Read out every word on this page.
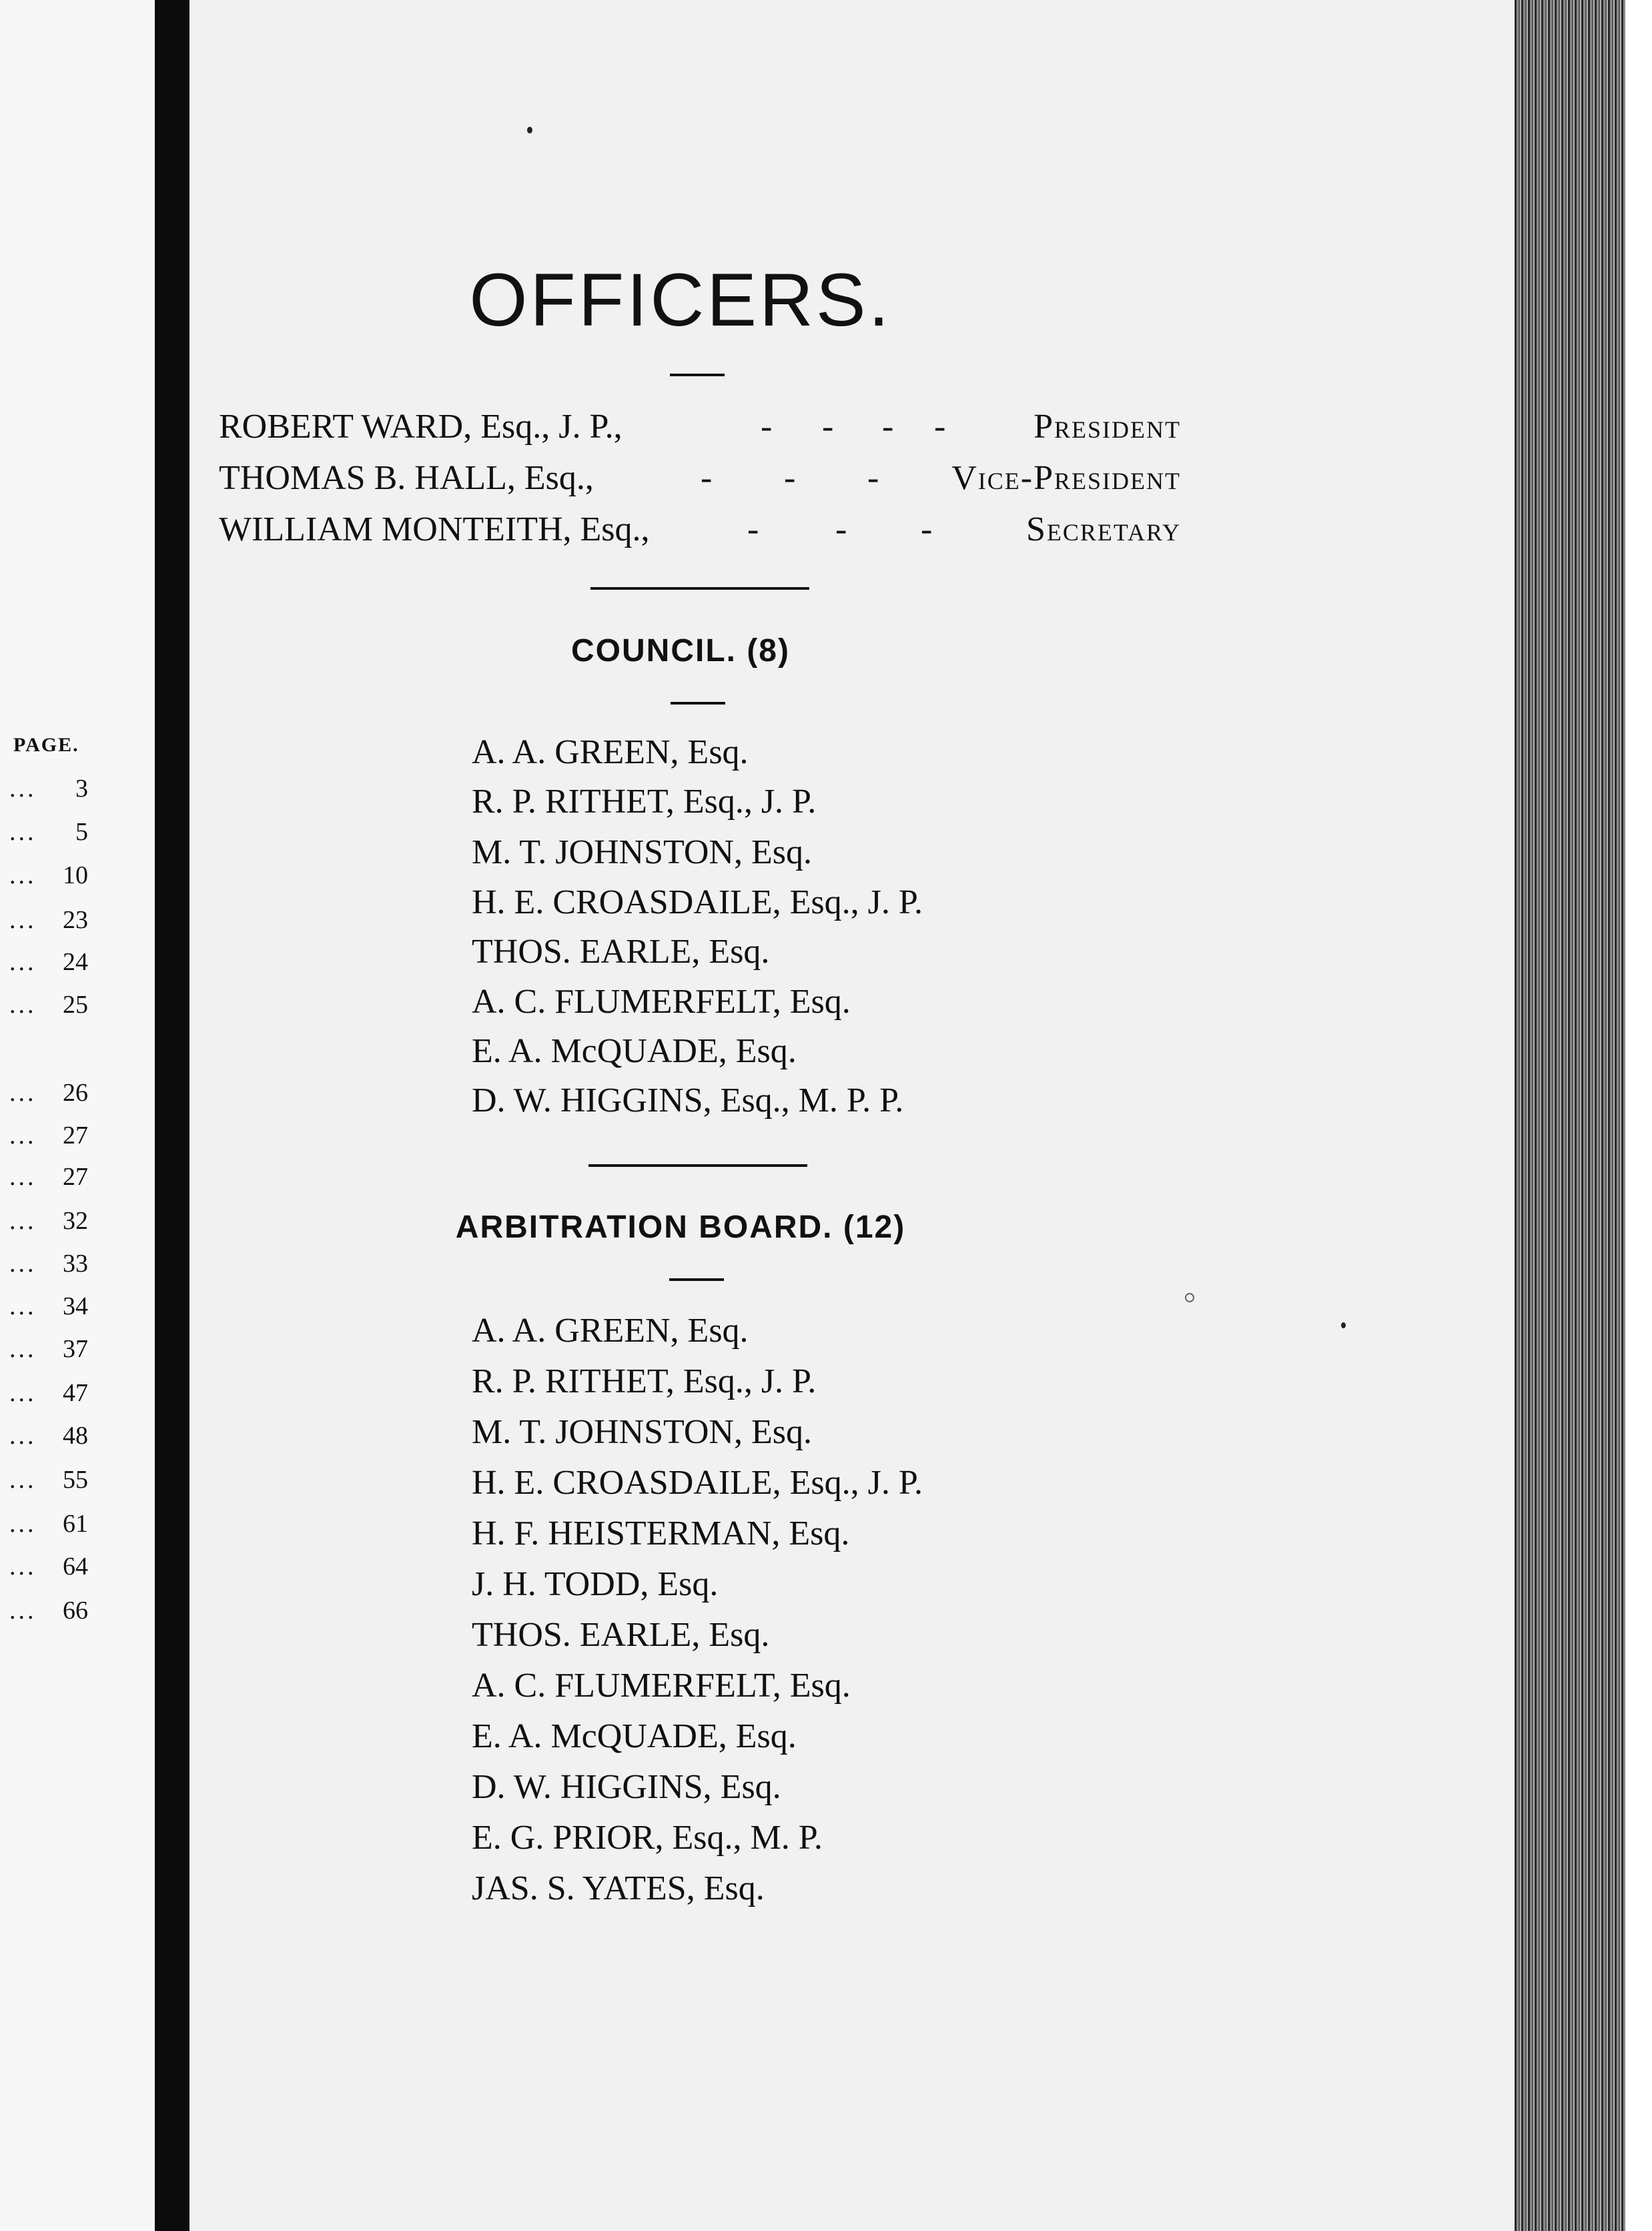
PAGE.
... 3
... 5
... 10
... 23
... 24
... 25
... 26
... 27
... 27
... 32
... 33
... 34
... 37
... 47
... 48
... 55
... 61
... 64
... 66
OFFICERS.
ROBERT WARD, Esq., J. P.,	- - - -	President
THOMAS B. HALL, Esq.,	- - - Vice-President
WILLIAM MONTEITH, Esq.,	- - -	Secretary
COUNCIL. (8)
A. A. GREEN, Esq.
R. P. RITHET, Esq., J. P.
M. T. JOHNSTON, Esq.
H. E. CROASDAILE, Esq., J. P.
THOS. EARLE, Esq.
A. C. FLUMERFELT, Esq.
E. A. McQUADE, Esq.
D. W. HIGGINS, Esq., M. P. P.
ARBITRATION BOARD. (12)
A. A. GREEN, Esq.
R. P. RITHET, Esq., J. P.
M. T. JOHNSTON, Esq.
H. E. CROASDAILE, Esq., J. P.
H. F. HEISTERMAN, Esq.
J. H. TODD, Esq.
THOS. EARLE, Esq.
A. C. FLUMERFELT, Esq.
E. A. McQUADE, Esq.
D. W. HIGGINS, Esq.
E. G. PRIOR, Esq., M. P.
JAS. S. YATES, Esq.
